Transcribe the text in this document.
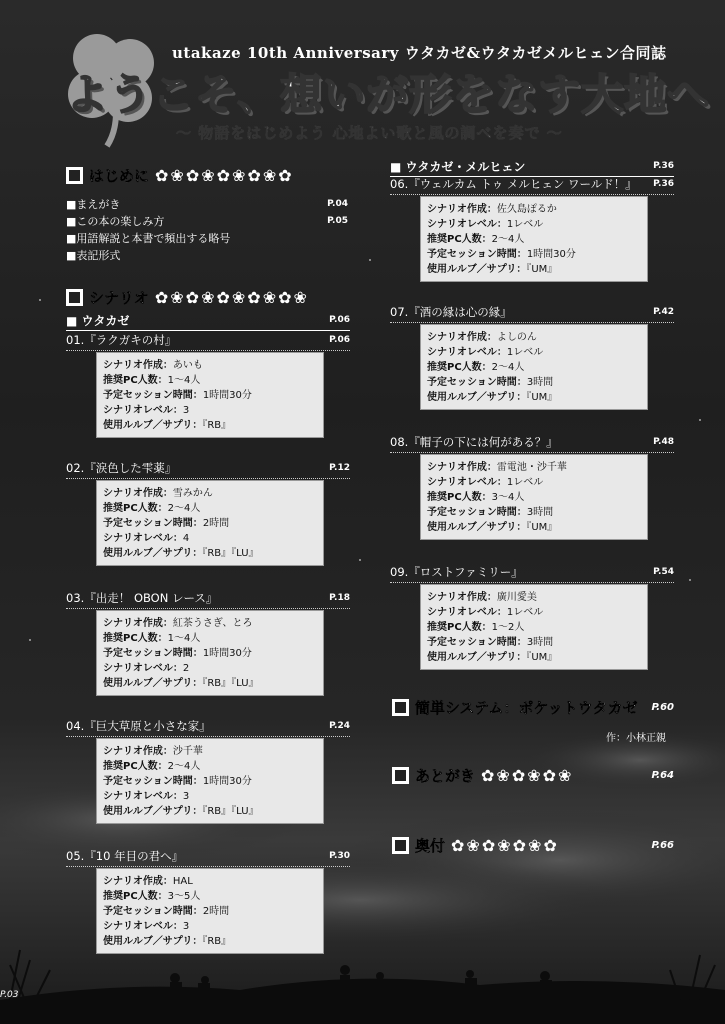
utakaze 10th Anniversary ウタカゼ&ウタカゼメルヒェン合同誌
ようこそ、想いが形をなす大地へ
～ 物語をはじめよう 心地よい歌と風の調べを奏で ～
はじめに ✿❀✿❀✿❀✿❀✿
■まえがき	P.04
■この本の楽しみ方	P.05
■用語解説と本書で頻出する略号
■表記形式
シナリオ ✿❀✿❀✿❀✿❀✿❀
■ ウタカゼ	P.06
01.『ラクガキの村』	P.06
シナリオ作成：あいも
推奨PC人数：1～4人
予定セッション時間：1時間30分
シナリオレベル：3
使用ルルブ／サプリ：『RB』
02.『涙色した雫薬』	P.12
シナリオ作成：雪みかん
推奨PC人数：2～4人
予定セッション時間：2時間
シナリオレベル：4
使用ルルブ／サプリ：『RB』『LU』
03.『出走！ OBON レース』	P.18
シナリオ作成：紅茶うさぎ、とろ
推奨PC人数：1～4人
予定セッション時間：1時間30分
シナリオレベル：2
使用ルルブ／サプリ：『RB』『LU』
04.『巨大草原と小さな家』	P.24
シナリオ作成：沙千華
推奨PC人数：2～4人
予定セッション時間：1時間30分
シナリオレベル：3
使用ルルブ／サプリ：『RB』『LU』
05.『10 年目の君へ』	P.30
シナリオ作成：HAL
推奨PC人数：3～5人
予定セッション時間：2時間
シナリオレベル：3
使用ルルブ／サプリ：『RB』
■ ウタカゼ・メルヒェン	P.36
06.『ウェルカム トゥ メルヒェン ワールド！』 P.36
シナリオ作成：佐久島ぽるか
シナリオレベル：1レベル
推奨PC人数：2～4人
予定セッション時間：1時間30分
使用ルルブ／サプリ：『UM』
07.『酒の縁は心の縁』	P.42
シナリオ作成：よしのん
シナリオレベル：1レベル
推奨PC人数：2～4人
予定セッション時間：3時間
使用ルルブ／サプリ：『UM』
08.『帽子の下には何がある？』	P.48
シナリオ作成：雷電池・沙千華
シナリオレベル：1レベル
推奨PC人数：3～4人
予定セッション時間：3時間
使用ルルブ／サプリ：『UM』
09.『ロストファミリー』	P.54
シナリオ作成：廣川愛美
シナリオレベル：1レベル
推奨PC人数：1～2人
予定セッション時間：3時間
使用ルルブ／サプリ：『UM』
簡単システム：ポケットウタカゼ P.60
作：小林正親
あとがき ✿❀✿❀✿❀	P.64
奥付 ✿❀✿❀✿❀✿	P.66
P.03
